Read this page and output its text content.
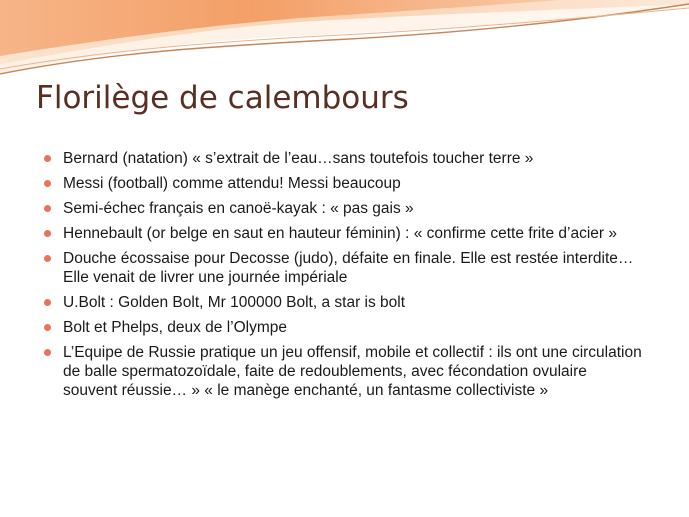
Florilège de calembours
Bernard (natation) « s’extrait de l’eau…sans toutefois toucher terre »
Messi (football) comme attendu! Messi beaucoup
Semi-échec français en canoë-kayak : « pas gais »
Hennebault (or belge en saut en hauteur féminin) : « confirme cette frite d’acier »
Douche écossaise pour Decosse (judo), défaite en finale. Elle est restée interdite…Elle venait de livrer une journée impériale
U.Bolt : Golden Bolt, Mr 100000 Bolt, a star is bolt
Bolt et Phelps, deux de l’Olympe
L’Equipe de Russie pratique un jeu offensif, mobile et collectif : ils ont une circulation de balle spermatozoïdale, faite de redoublements, avec fécondation ovulaire souvent réussie… » « le manège enchanté, un fantasme collectiviste »
